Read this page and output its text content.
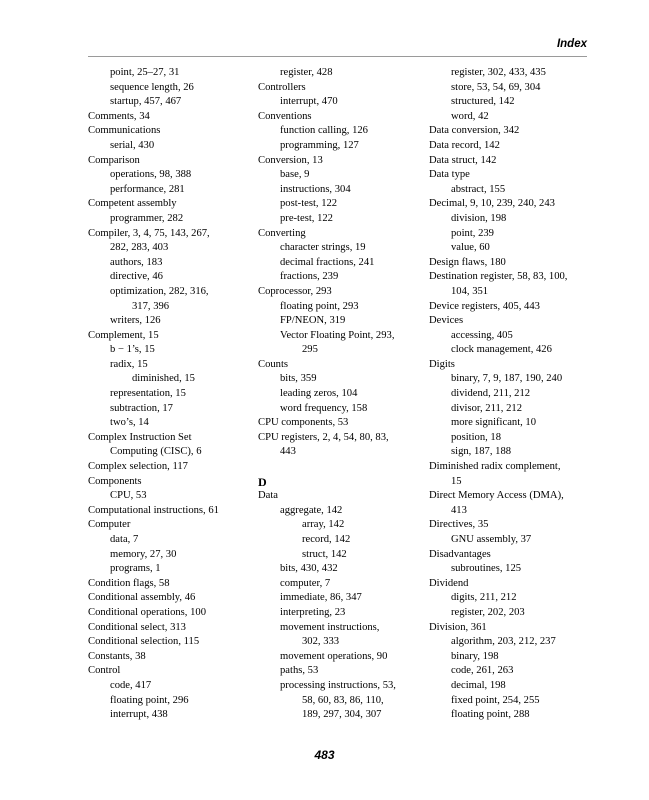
Index
point, 25–27, 31
sequence length, 26
startup, 457, 467
Comments, 34
Communications
serial, 430
Comparison
operations, 98, 388
performance, 281
Competent assembly
programmer, 282
Compiler, 3, 4, 75, 143, 267,
282, 283, 403
authors, 183
directive, 46
optimization, 282, 316,
317, 396
writers, 126
Complement, 15
b − 1’s, 15
radix, 15
diminished, 15
representation, 15
subtraction, 17
two’s, 14
Complex Instruction Set
Computing (CISC), 6
Complex selection, 117
Components
CPU, 53
Computational instructions, 61
Computer
data, 7
memory, 27, 30
programs, 1
Condition flags, 58
Conditional assembly, 46
Conditional operations, 100
Conditional select, 313
Conditional selection, 115
Constants, 38
Control
code, 417
floating point, 296
interrupt, 438
register, 428
Controllers
interrupt, 470
Conventions
function calling, 126
programming, 127
Conversion, 13
base, 9
instructions, 304
post-test, 122
pre-test, 122
Converting
character strings, 19
decimal fractions, 241
fractions, 239
Coprocessor, 293
floating point, 293
FP/NEON, 319
Vector Floating Point, 293,
295
Counts
bits, 359
leading zeros, 104
word frequency, 158
CPU components, 53
CPU registers, 2, 4, 54, 80, 83,
443
D
Data
aggregate, 142
array, 142
record, 142
struct, 142
bits, 430, 432
computer, 7
immediate, 86, 347
interpreting, 23
movement instructions,
302, 333
movement operations, 90
paths, 53
processing instructions, 53,
58, 60, 83, 86, 110,
189, 297, 304, 307
register, 302, 433, 435
store, 53, 54, 69, 304
structured, 142
word, 42
Data conversion, 342
Data record, 142
Data struct, 142
Data type
abstract, 155
Decimal, 9, 10, 239, 240, 243
division, 198
point, 239
value, 60
Design flaws, 180
Destination register, 58, 83, 100,
104, 351
Device registers, 405, 443
Devices
accessing, 405
clock management, 426
Digits
binary, 7, 9, 187, 190, 240
dividend, 211, 212
divisor, 211, 212
more significant, 10
position, 18
sign, 187, 188
Diminished radix complement,
15
Direct Memory Access (DMA),
413
Directives, 35
GNU assembly, 37
Disadvantages
subroutines, 125
Dividend
digits, 211, 212
register, 202, 203
Division, 361
algorithm, 203, 212, 237
binary, 198
code, 261, 263
decimal, 198
fixed point, 254, 255
floating point, 288
483
